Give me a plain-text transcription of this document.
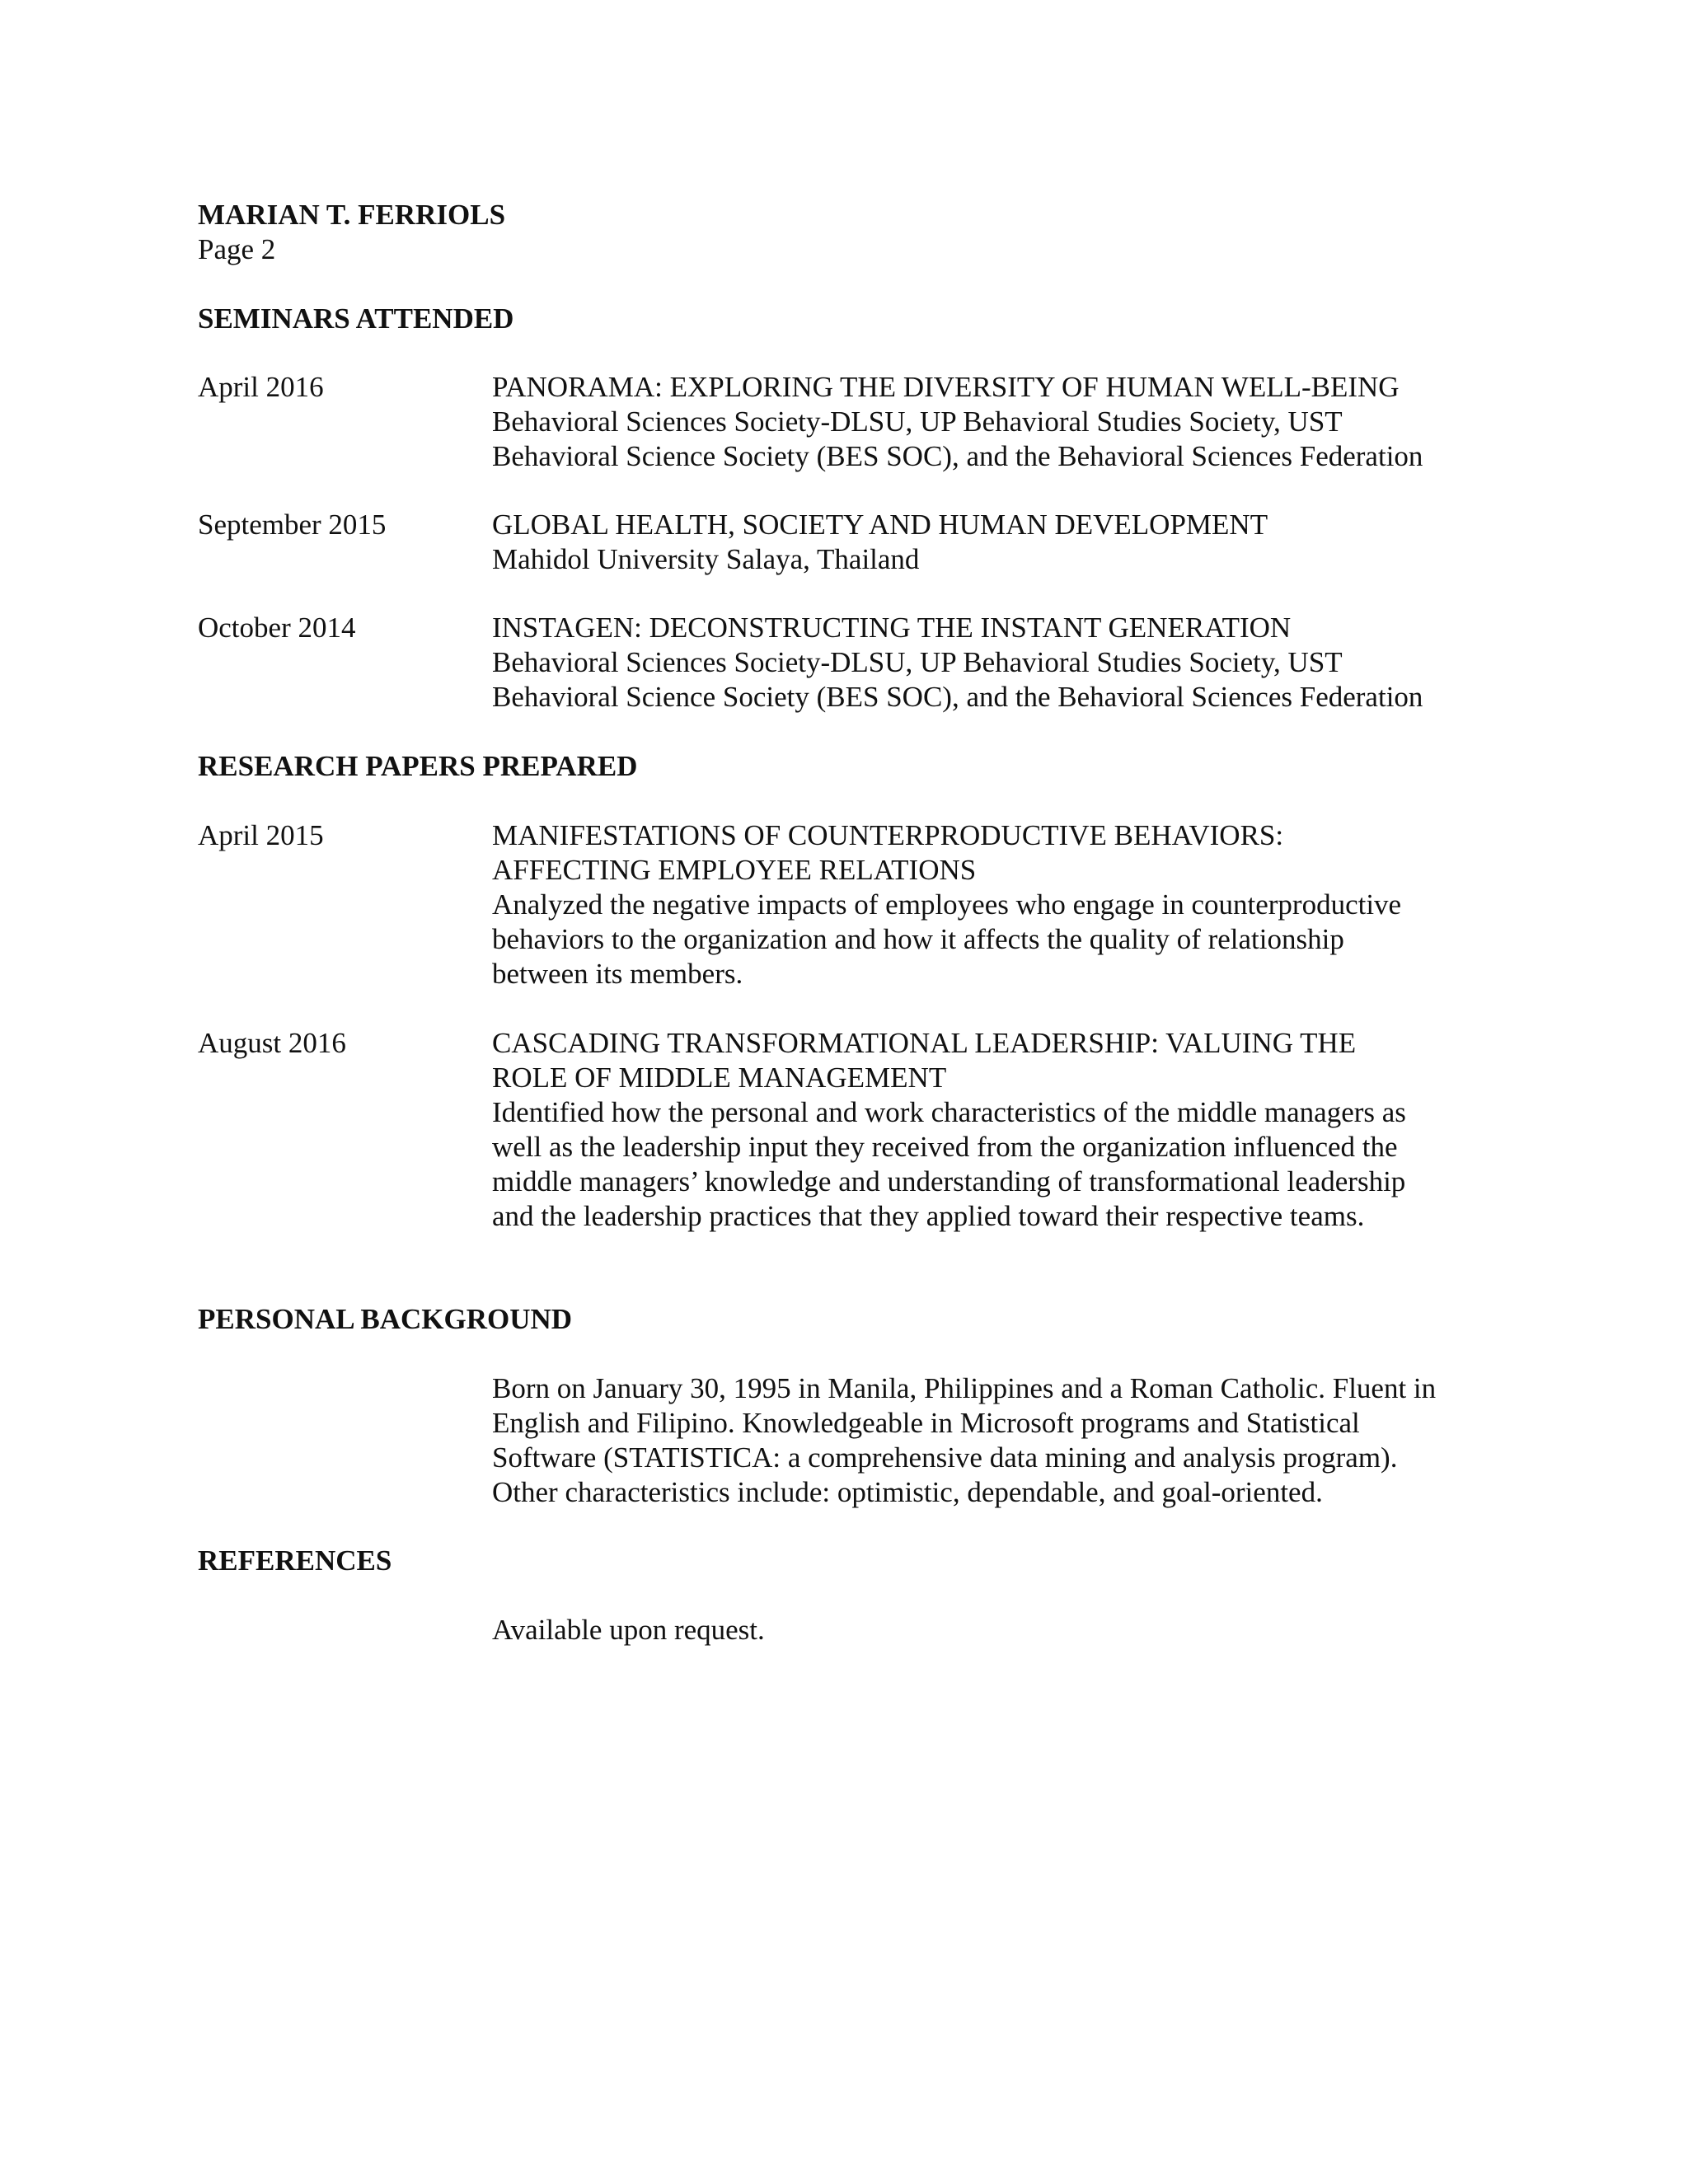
MARIAN T. FERRIOLS
Page 2
SEMINARS ATTENDED
April 2016	PANORAMA: EXPLORING THE DIVERSITY OF HUMAN WELL-BEING
Behavioral Sciences Society-DLSU, UP Behavioral Studies Society, UST
Behavioral Science Society (BES SOC), and the Behavioral Sciences Federation
September 2015	GLOBAL HEALTH, SOCIETY AND HUMAN DEVELOPMENT
Mahidol University Salaya, Thailand
October 2014	INSTAGEN: DECONSTRUCTING THE INSTANT GENERATION
Behavioral Sciences Society-DLSU, UP Behavioral Studies Society, UST
Behavioral Science Society (BES SOC), and the Behavioral Sciences Federation
RESEARCH PAPERS PREPARED
April 2015	MANIFESTATIONS OF COUNTERPRODUCTIVE BEHAVIORS:
AFFECTING EMPLOYEE RELATIONS
Analyzed the negative impacts of employees who engage in counterproductive
behaviors to the organization and how it affects the quality of relationship
between its members.
August 2016	CASCADING TRANSFORMATIONAL LEADERSHIP: VALUING THE
ROLE OF MIDDLE MANAGEMENT
Identified how the personal and work characteristics of the middle managers as
well as the leadership input they received from the organization influenced the
middle managers’ knowledge and understanding of transformational leadership
and the leadership practices that they applied toward their respective teams.
PERSONAL BACKGROUND
Born on January 30, 1995 in Manila, Philippines and a Roman Catholic. Fluent in
English and Filipino. Knowledgeable in Microsoft programs and Statistical
Software (STATISTICA: a comprehensive data mining and analysis program).
Other characteristics include: optimistic, dependable, and goal-oriented.
REFERENCES
Available upon request.
